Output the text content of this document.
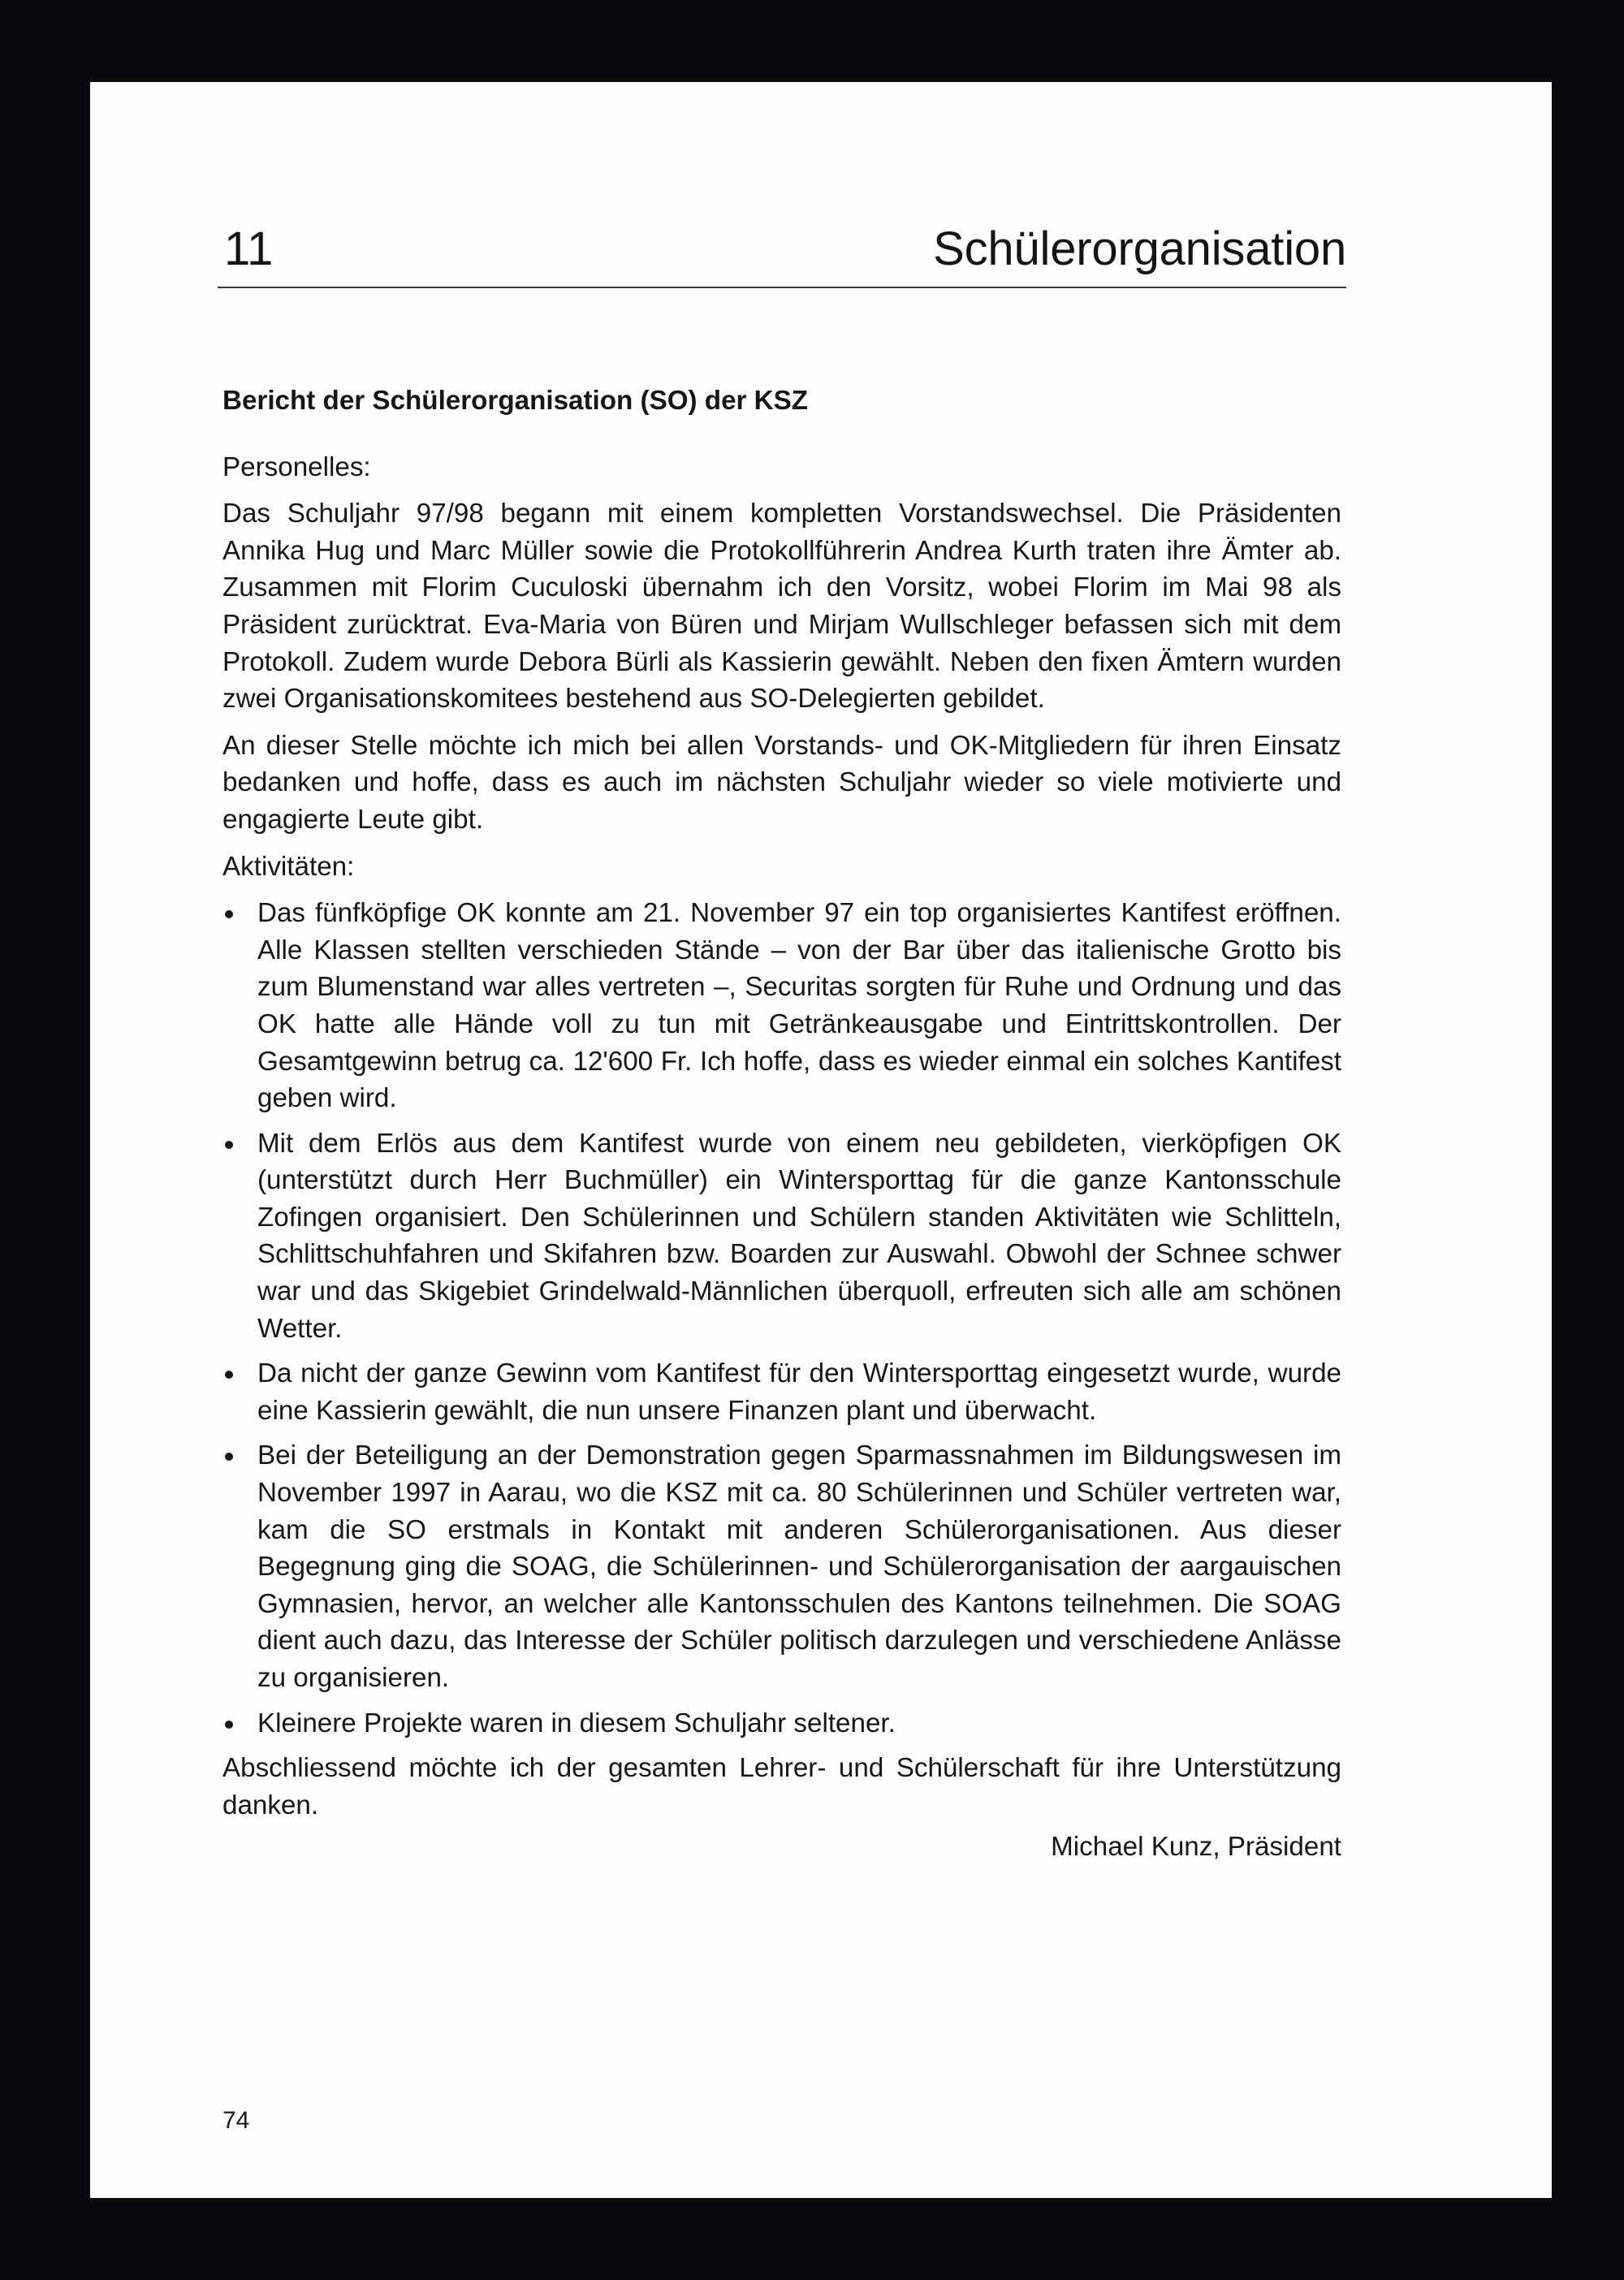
11	Schülerorganisation
Bericht der Schülerorganisation (SO) der KSZ
Personelles:

Das Schuljahr 97/98 begann mit einem kompletten Vorstandswechsel. Die Präsidenten Annika Hug und Marc Müller sowie die Protokollführerin Andrea Kurth traten ihre Ämter ab. Zusammen mit Florim Cuculoski übernahm ich den Vorsitz, wobei Florim im Mai 98 als Präsident zurücktrat. Eva-Maria von Büren und Mirjam Wullschleger befassen sich mit dem Protokoll. Zudem wurde Debora Bürli als Kassierin gewählt. Neben den fixen Ämtern wurden zwei Organisationskomitees bestehend aus SO-Delegierten gebildet.

An dieser Stelle möchte ich mich bei allen Vorstands- und OK-Mitgliedern für ihren Einsatz bedanken und hoffe, dass es auch im nächsten Schuljahr wieder so viele motivierte und engagierte Leute gibt.

Aktivitäten:
Das fünfköpfige OK konnte am 21. November 97 ein top organisiertes Kantifest eröffnen. Alle Klassen stellten verschieden Stände – von der Bar über das italienische Grotto bis zum Blumenstand war alles vertreten –, Securitas sorgten für Ruhe und Ordnung und das OK hatte alle Hände voll zu tun mit Getränkeausgabe und Eintrittskontrollen. Der Gesamtgewinn betrug ca. 12'600 Fr. Ich hoffe, dass es wieder einmal ein solches Kantifest geben wird.
Mit dem Erlös aus dem Kantifest wurde von einem neu gebildeten, vierköpfigen OK (unterstützt durch Herr Buchmüller) ein Wintersporttag für die ganze Kantonsschule Zofingen organisiert. Den Schülerinnen und Schülern standen Aktivitäten wie Schlitteln, Schlittschuhfahren und Skifahren bzw. Boarden zur Auswahl. Obwohl der Schnee schwer war und das Skigebiet Grindelwald-Männlichen überquoll, erfreuten sich alle am schönen Wetter.
Da nicht der ganze Gewinn vom Kantifest für den Wintersporttag eingesetzt wurde, wurde eine Kassierin gewählt, die nun unsere Finanzen plant und überwacht.
Bei der Beteiligung an der Demonstration gegen Sparmassnahmen im Bildungswesen im November 1997 in Aarau, wo die KSZ mit ca. 80 Schülerinnen und Schüler vertreten war, kam die SO erstmals in Kontakt mit anderen Schülerorganisationen. Aus dieser Begegnung ging die SOAG, die Schülerinnen- und Schülerorganisation der aargauischen Gymnasien, hervor, an welcher alle Kantonsschulen des Kantons teilnehmen. Die SOAG dient auch dazu, das Interesse der Schüler politisch darzulegen und verschiedene Anlässe zu organisieren.
Kleinere Projekte waren in diesem Schuljahr seltener.

Abschliessend möchte ich der gesamten Lehrer- und Schülerschaft für ihre Unterstützung danken.

Michael Kunz, Präsident

74
